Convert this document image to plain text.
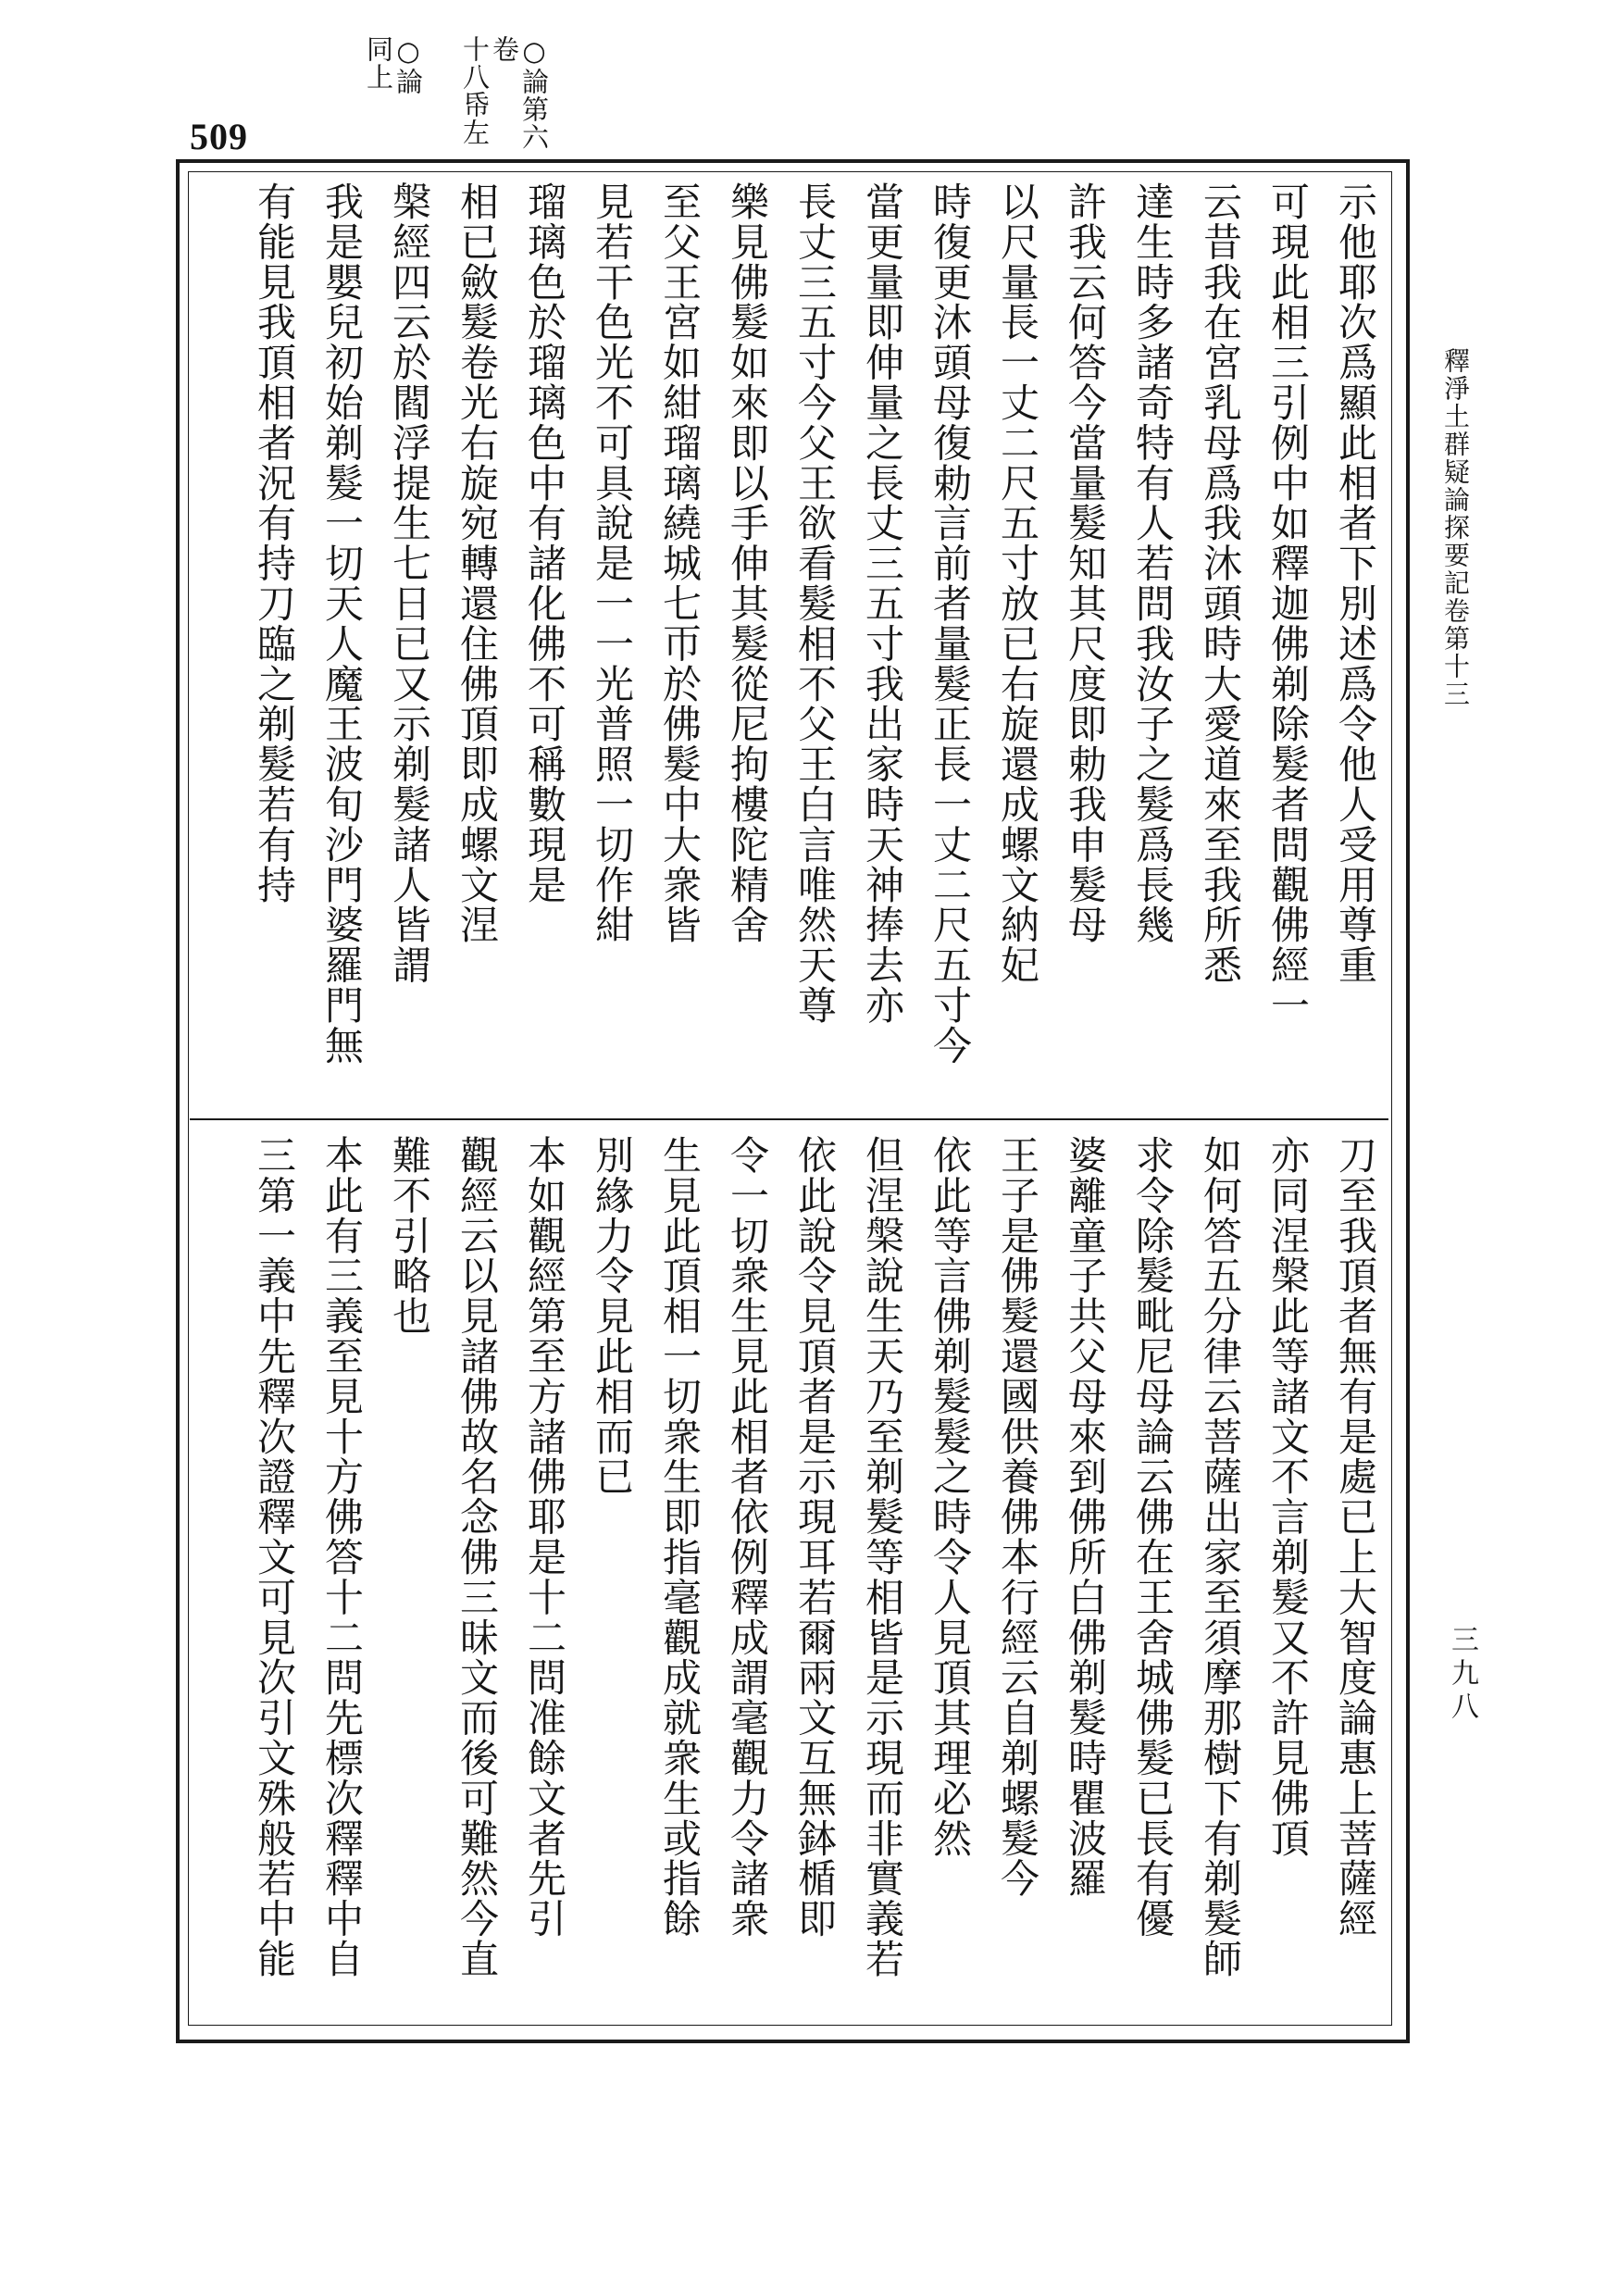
509	○論第六卷
十八帋左
○論
同上
示他耶次爲顯此相者下別述爲令他人受用尊重
可現此相三引例中如釋迦佛剃除髮者問觀佛經一
云昔我在宮乳母爲我沐頭時大愛道來至我所悉
達生時多諸奇特有人若問我汝子之髮爲長幾
許我云何答今當量髮知其尺度即勅我申髮母
以尺量長一丈二尺五寸放已右旋還成螺文納妃
時復更沐頭母復勅言前者量髮正長一丈二尺五寸今
當更量即伸量之長丈三五寸我出家時天神捧去亦
長丈三五寸今父王欲看髮相不父王白言唯然天尊
樂見佛髮如來即以手伸其髮從尼拘樓陀精舍
至父王宮如紺瑠璃繞城七帀於佛髮中大衆皆
見若干色光不可具說是一一光普照一切作紺
瑠璃色於瑠璃色中有諸化佛不可稱數現是
相已斂髮卷光右旋宛轉還住佛頂即成螺文涅
槃經四云於閻浮提生七日已又示剃髮諸人皆謂
我是嬰兒初始剃髮一切天人魔王波旬沙門婆羅門無
有能見我頂相者況有持刀臨之剃髮若有持
刀至我頂者無有是處已上大智度論惠上菩薩經
亦同涅槃此等諸文不言剃髮又不許見佛頂
如何答五分律云菩薩出家至須摩那樹下有剃髮師
求令除髮毗尼母論云佛在王舍城佛髮已長有優
婆離童子共父母來到佛所白佛剃髮時瞿波羅
王子是佛髮還國供養佛本行經云自剃螺髮今
依此等言佛剃髮髮之時令人見頂其理必然
但涅槃說生天乃至剃髮等相皆是示現而非實義若
依此說令見頂者是示現耳若爾兩文互無鉢楯即
令一切衆生見此相者依例釋成謂毫觀力令諸衆
生見此頂相一切衆生即指毫觀成就衆生或指餘
別緣力令見此相而已
本如觀經第至方諸佛耶是十二問准餘文者先引
觀經云以見諸佛故名念佛三昧文而後可難然今直
難不引略也
本此有三義至見十方佛答十二問先標次釋釋中自
三第一義中先釋次證釋文可見次引文殊般若中能
釋淨土群疑論探要記卷第十三
三九八
